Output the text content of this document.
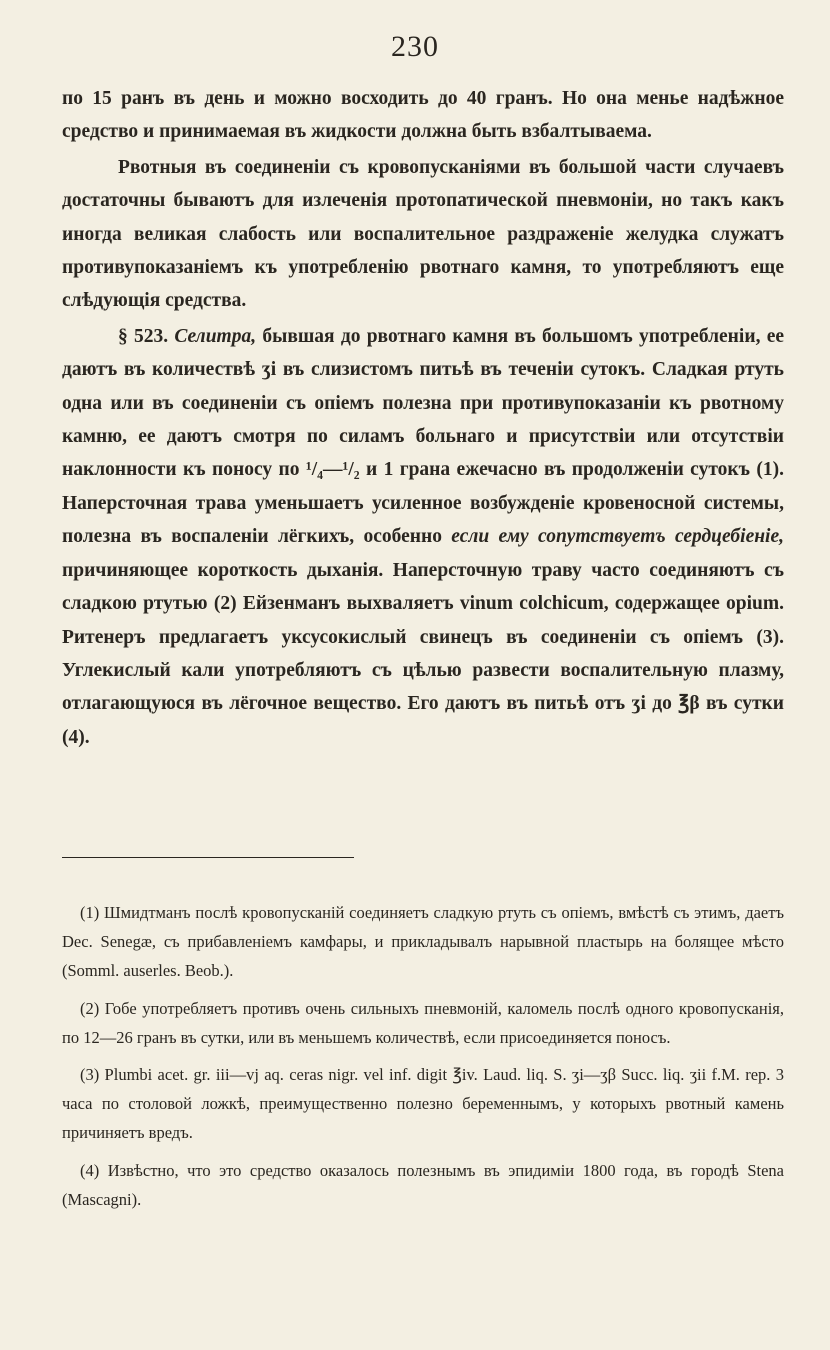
230

по 15 ранъ въ день и можно восходить до 40 гранъ. Но она менье надѣжное средство и принимаемая въ жидкости должна быть взбалтываема.

Рвотныя въ соединеніи съ кровопусканіями въ большой части случаевъ достаточны бываютъ для излеченія протопатической пневмоніи, но такъ какъ иногда великая слабость или воспалительное раздраженіе желудка служатъ противупоказаніемъ къ употребленію рвотнаго камня, то употребляютъ еще слѣдующія средства.

§ 523. Селитра, бывшая до рвотнаго камня въ большомъ употребленіи, ее даютъ въ количествѣ ʒі въ слизистомъ питьѣ въ теченіи сутокъ. Сладкая ртуть одна или въ соединеніи съ опіемъ полезна при противупоказаніи къ рвотному камню, ее даютъ смотря по силамъ больнаго и присутствіи или отсутствіи наклонности къ поносу по ¹/₄—¹/₂ и 1 грана ежечасно въ продолженіи сутокъ (1). Наперсточная трава уменьшаетъ усиленное возбужденіе кровеносной системы, полезна въ воспаленіи лёгкихъ, особенно если ему сопутствуетъ сердцебіеніе, причиняющее короткость дыханія. Наперсточную траву часто соединяютъ съ сладкою ртутью (2) Ейзенманъ выхваляетъ vinum colchicum, содержащее opium. Ритенеръ предлагаетъ уксусокислый свинецъ въ соединеніи съ опіемъ (3). Углекислый кали употребляютъ съ цѣлью развести воспалительную плазму, отлагающуюся въ лёгочное вещество. Его даютъ въ питьѣ отъ ʒі до ℥β въ сутки (4).

(1) Шмидтманъ послѣ кровопусканій соединяетъ сладкую ртуть съ опіемъ, вмѣстѣ съ этимъ, даетъ Dec. Senegæ, съ прибавленіемъ камфары, и прикладывалъ нарывной пластырь на болящее мѣсто (Somml. auserles. Beob.).

(2) Гобе употребляетъ противъ очень сильныхъ пневмоній, каломель послѣ одного кровопусканія, по 12—26 гранъ въ сутки, или въ меньшемъ количествѣ, если присоединяется поносъ.

(3) Plumbi acet. gr. iii—vj aq. ceras nigr. vel inf. digit ℥iv. Laud. liq. S. ʒi—ʒβ Succ. liq. ʒii f.M. rep. 3 часа по столовой ложкѣ, преимущественно полезно беременнымъ, у которыхъ рвотный камень причиняетъ вредъ.

(4) Извѣстно, что это средство оказалось полезнымъ въ эпидиміи 1800 года, въ городѣ Stena (Mascagni).
